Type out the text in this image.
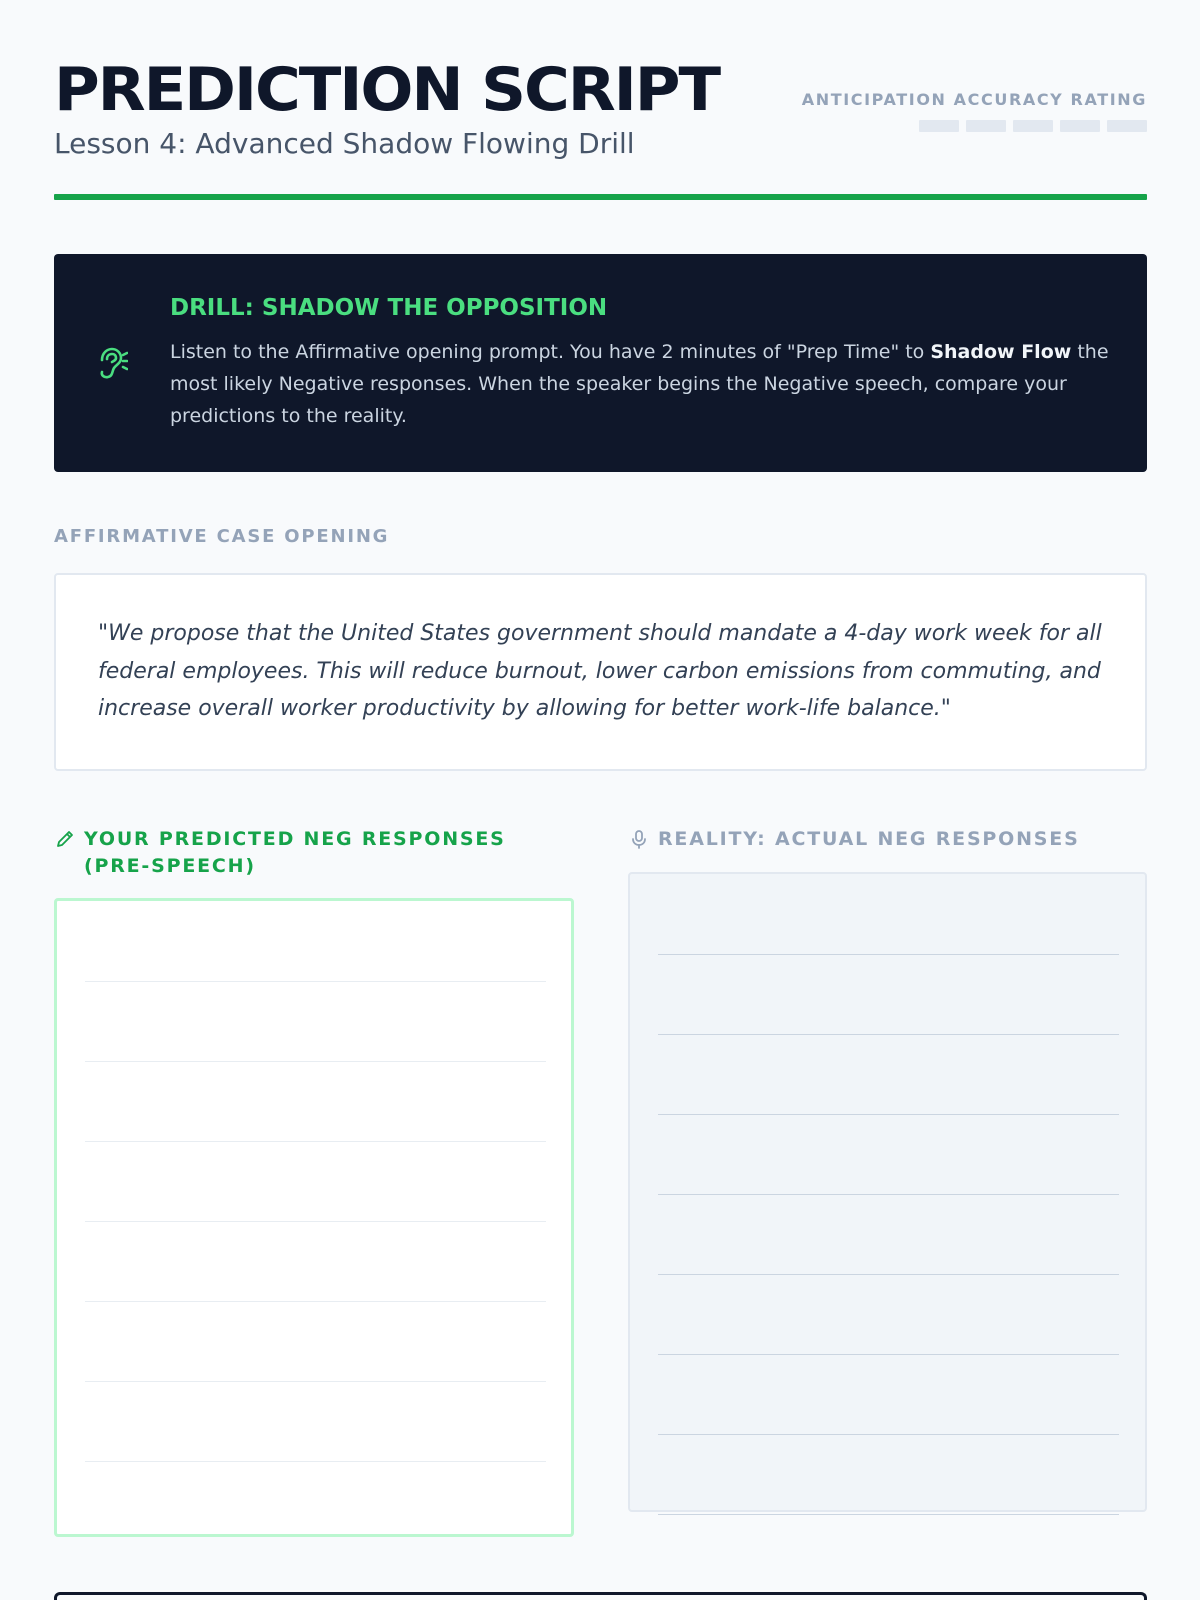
PREDICTION SCRIPT
Lesson 4: Advanced Shadow Flowing Drill
ANTICIPATION ACCURACY RATING
DRILL: SHADOW THE OPPOSITION
Listen to the Affirmative opening prompt. You have 2 minutes of "Prep Time" to Shadow Flow the most likely Negative responses. When the speaker begins the Negative speech, compare your predictions to the reality.
AFFIRMATIVE CASE OPENING
"We propose that the United States government should mandate a 4-day work week for all federal employees. This will reduce burnout, lower carbon emissions from commuting, and increase overall worker productivity by allowing for better work-life balance."
YOUR PREDICTED NEG RESPONSES (PRE-SPEECH)
REALITY: ACTUAL NEG RESPONSES
